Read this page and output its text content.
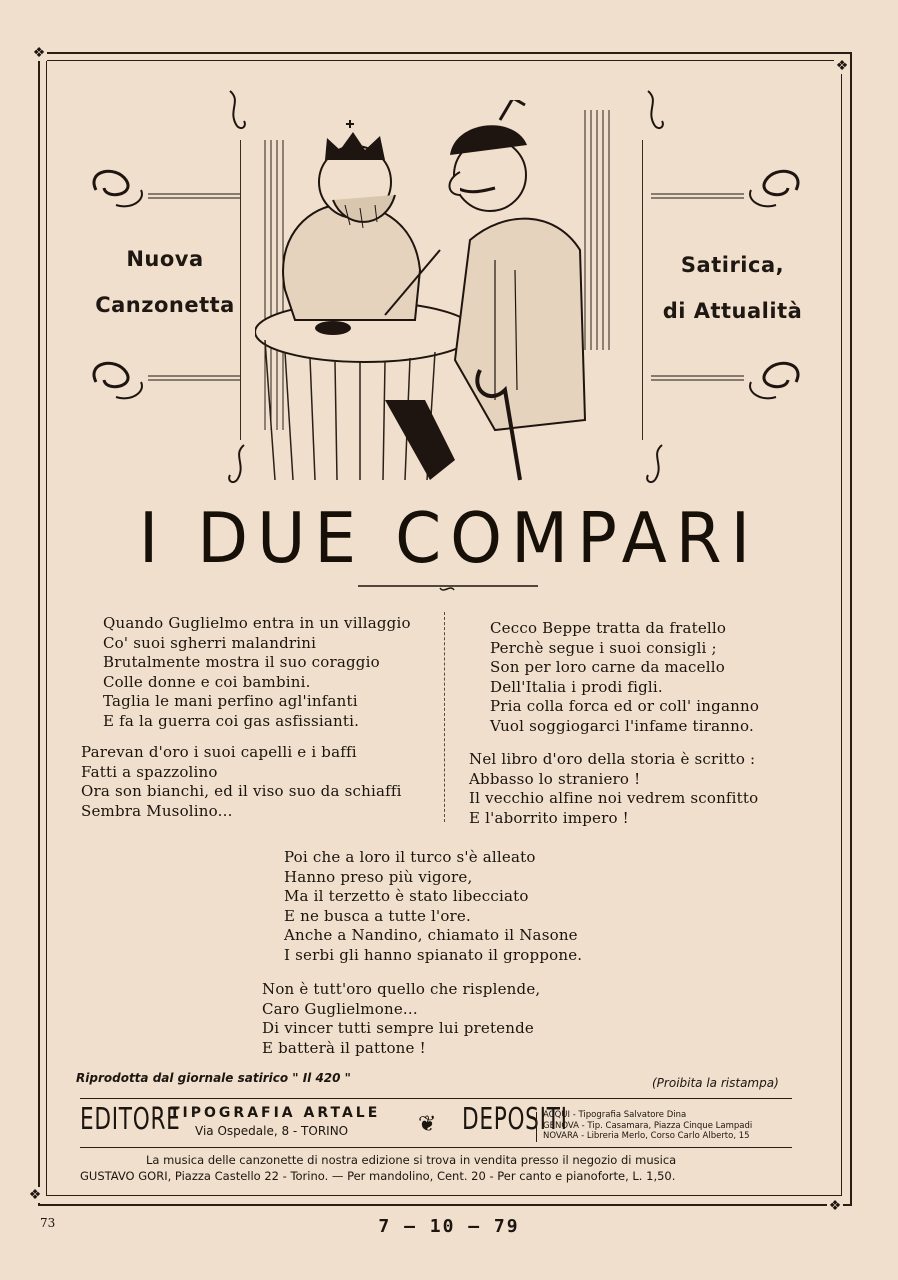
❖
❖
❖
❖
Nuova
Canzonetta
Satirica,
di Attualità
I DUE COMPARI
Quando Guglielmo entra in un villaggio
Co' suoi sgherri malandrini
Brutalmente mostra il suo coraggio
Colle donne e coi bambini.
Taglia le mani perfino agl'infanti
E fa la guerra coi gas asfissianti.
Parevan d'oro i suoi capelli e i baffi
Fatti a spazzolino
Ora son bianchi, ed il viso suo da schiaffi
Sembra Musolino...
Cecco Beppe tratta da fratello
Perchè segue i suoi consigli ;
Son per loro carne da macello
Dell'Italia i prodi figli.
Pria colla forca ed or coll' inganno
Vuol soggiogarci l'infame tiranno.
Nel libro d'oro della storia è scritto :
Abbasso lo straniero !
Il vecchio alfine noi vedrem sconfitto
E l'aborrito impero !
Poi che a loro il turco s'è alleato
Hanno preso più vigore,
Ma il terzetto è stato libecciato
E ne busca a tutte l'ore.
Anche a Nandino, chiamato il Nasone
I serbi gli hanno spianato il groppone.
Non è tutt'oro quello che risplende,
Caro Guglielmone...
Di vincer tutti sempre lui pretende
E batterà il pattone !
Riprodotta dal giornale satirico " Il 420 "	(Proibita la ristampa)
EDITORE
TIPOGRAFIA ARTALE
Via Ospedale, 8 - TORINO	❦ DEPOSITI
ACQUI - Tipografia Salvatore Dina
GENOVA - Tip. Casamara, Piazza Cinque Lampadi
NOVARA - Libreria Merlo, Corso Carlo Alberto, 15
La musica delle canzonette di nostra edizione si trova in vendita presso il negozio di musica
GUSTAVO GORI, Piazza Castello 22 - Torino. — Per mandolino, Cent. 20 - Per canto e pianoforte, L. 1,50.
73	7 — 10 — 79
